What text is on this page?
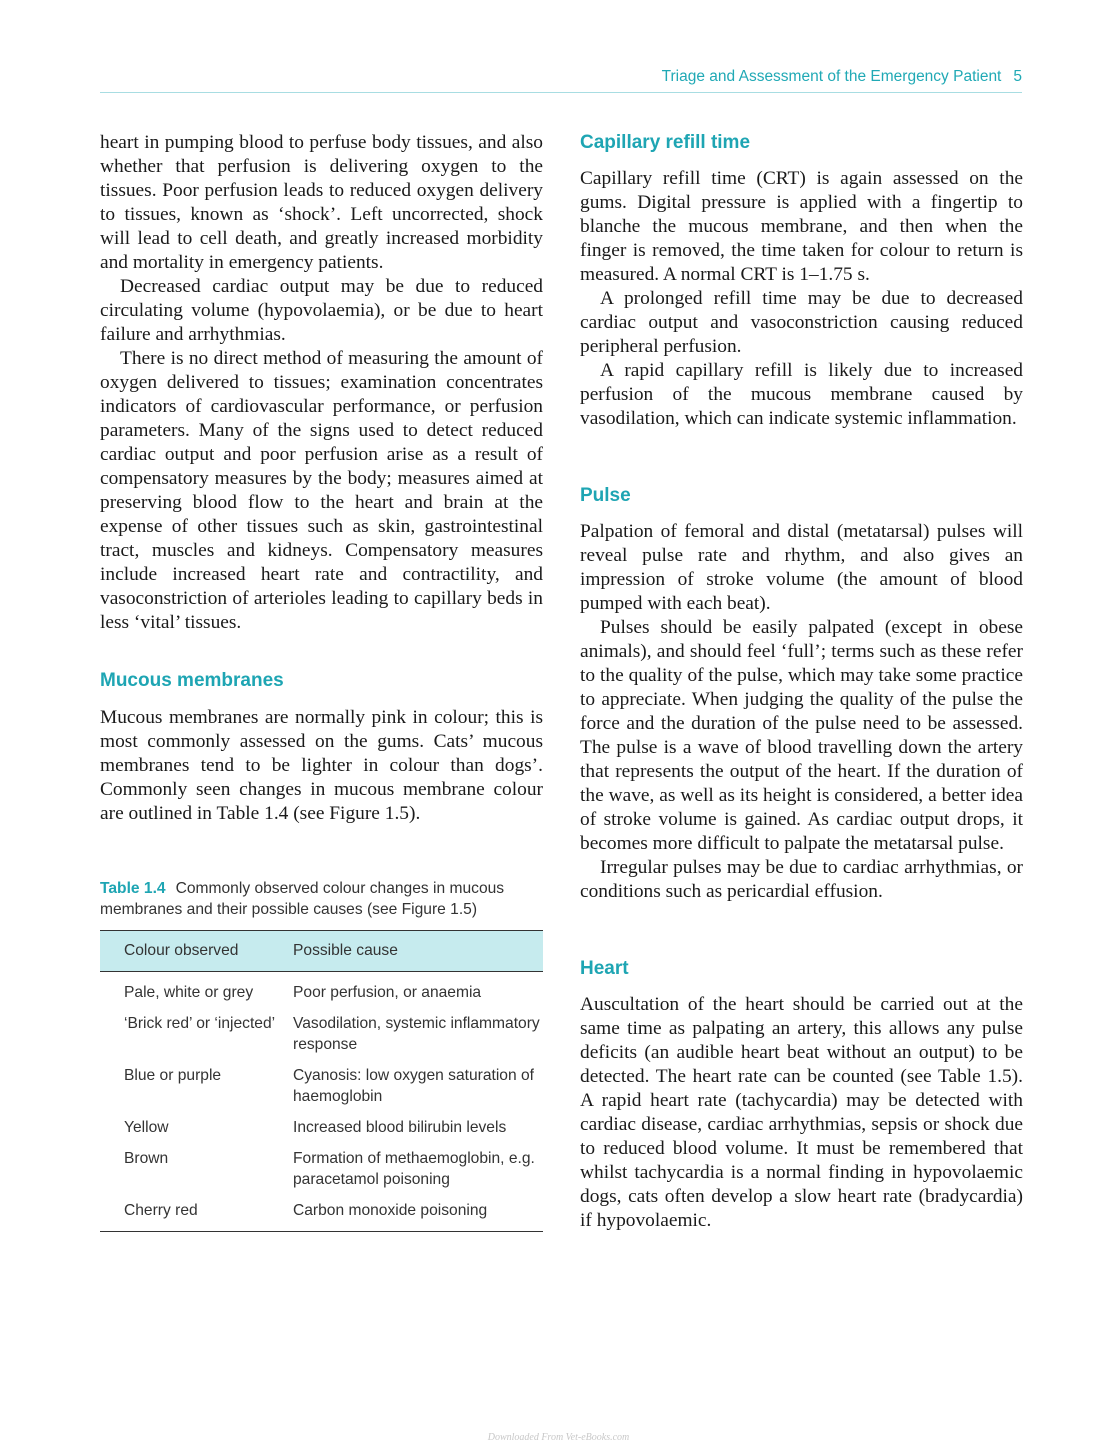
Triage and Assessment of the Emergency Patient 5

heart in pumping blood to perfuse body tissues, and also whether that perfusion is delivering oxygen to the tissues. Poor perfusion leads to reduced oxygen delivery to tissues, known as ‘shock’. Left uncorrected, shock will lead to cell death, and greatly increased morbidity and mortality in emergency patients.

Decreased cardiac output may be due to reduced circulating volume (hypovolaemia), or be due to heart failure and arrhythmias.

There is no direct method of measuring the amount of oxygen delivered to tissues; examination concentrates indicators of cardiovascular performance, or perfusion parameters. Many of the signs used to detect reduced cardiac output and poor perfusion arise as a result of compensatory measures by the body; measures aimed at preserving blood flow to the heart and brain at the expense of other tissues such as skin, gastrointestinal tract, muscles and kidneys. Compensatory measures include increased heart rate and contractility, and vasoconstriction of arterioles leading to capillary beds in less ‘vital’ tissues.

Mucous membranes

Mucous membranes are normally pink in colour; this is most commonly assessed on the gums. Cats’ mucous membranes tend to be lighter in colour than dogs’. Commonly seen changes in mucous membrane colour are outlined in Table 1.4 (see Figure 1.5).

Table 1.4 Commonly observed colour changes in mucous membranes and their possible causes (see Figure 1.5)
Colour observed	Possible cause
Pale, white or grey	Poor perfusion, or anaemia
‘Brick red’ or ‘injected’	Vasodilation, systemic inflammatory response
Blue or purple	Cyanosis: low oxygen saturation of haemoglobin
Yellow	Increased blood bilirubin levels
Brown	Formation of methaemoglobin, e.g. paracetamol poisoning
Cherry red	Carbon monoxide poisoning
Capillary refill time

Capillary refill time (CRT) is again assessed on the gums. Digital pressure is applied with a fingertip to blanche the mucous membrane, and then when the finger is removed, the time taken for colour to return is measured. A normal CRT is 1–1.75 s.

A prolonged refill time may be due to decreased cardiac output and vasoconstriction causing reduced peripheral perfusion.

A rapid capillary refill is likely due to increased perfusion of the mucous membrane caused by vasodilation, which can indicate systemic inflammation.

Pulse

Palpation of femoral and distal (metatarsal) pulses will reveal pulse rate and rhythm, and also gives an impression of stroke volume (the amount of blood pumped with each beat).

Pulses should be easily palpated (except in obese animals), and should feel ‘full’; terms such as these refer to the quality of the pulse, which may take some practice to appreciate. When judging the quality of the pulse the force and the duration of the pulse need to be assessed. The pulse is a wave of blood travelling down the artery that represents the output of the heart. If the duration of the wave, as well as its height is considered, a better idea of stroke volume is gained. As cardiac output drops, it becomes more difficult to palpate the metatarsal pulse.

Irregular pulses may be due to cardiac arrhythmias, or conditions such as pericardial effusion.

Heart

Auscultation of the heart should be carried out at the same time as palpating an artery, this allows any pulse deficits (an audible heart beat without an output) to be detected. The heart rate can be counted (see Table 1.5). A rapid heart rate (tachycardia) may be detected with cardiac disease, cardiac arrhythmias, sepsis or shock due to reduced blood volume. It must be remembered that whilst tachycardia is a normal finding in hypovolaemic dogs, cats often develop a slow heart rate (bradycardia) if hypovolaemic.

Downloaded From Vet-eBooks.com
